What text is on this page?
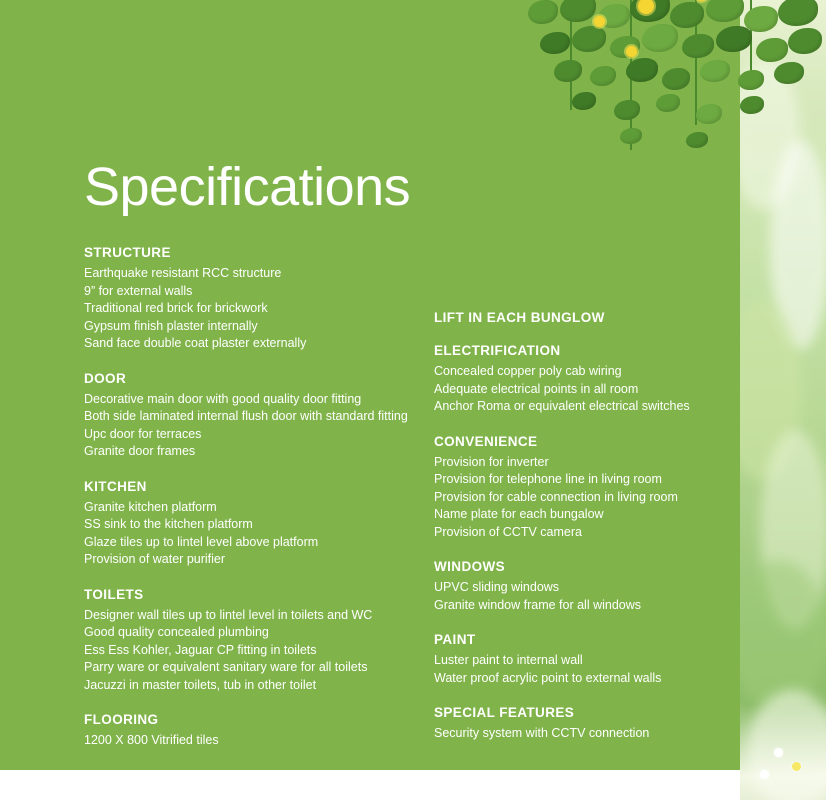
Specifications
STRUCTURE
Earthquake resistant RCC structure
9” for external walls
Traditional red brick for brickwork
Gypsum finish plaster internally
Sand face double coat plaster externally
DOOR
Decorative main door with good quality door fitting
Both side laminated internal flush door with standard fitting
Upc door for terraces
Granite door frames
KITCHEN
Granite kitchen platform
SS sink to the kitchen platform
Glaze tiles up to lintel level above platform
Provision of water purifier
TOILETS
Designer wall tiles up to lintel level in toilets and WC
Good quality concealed plumbing
Ess Ess Kohler, Jaguar CP fitting in toilets
Parry ware or equivalent sanitary ware for all toilets
Jacuzzi in master toilets, tub in other toilet
FLOORING
1200 X 800 Vitrified tiles
LIFT IN EACH BUNGLOW
ELECTRIFICATION
Concealed copper poly cab wiring
Adequate electrical points in all room
Anchor Roma or equivalent electrical switches
CONVENIENCE
Provision for inverter
Provision for telephone line in living room
Provision for cable connection in living room
Name plate for each bungalow
Provision of CCTV camera
WINDOWS
UPVC sliding windows
Granite window frame for all windows
PAINT
Luster paint to internal wall
Water proof acrylic point to external walls
SPECIAL FEATURES
Security system with CCTV connection
